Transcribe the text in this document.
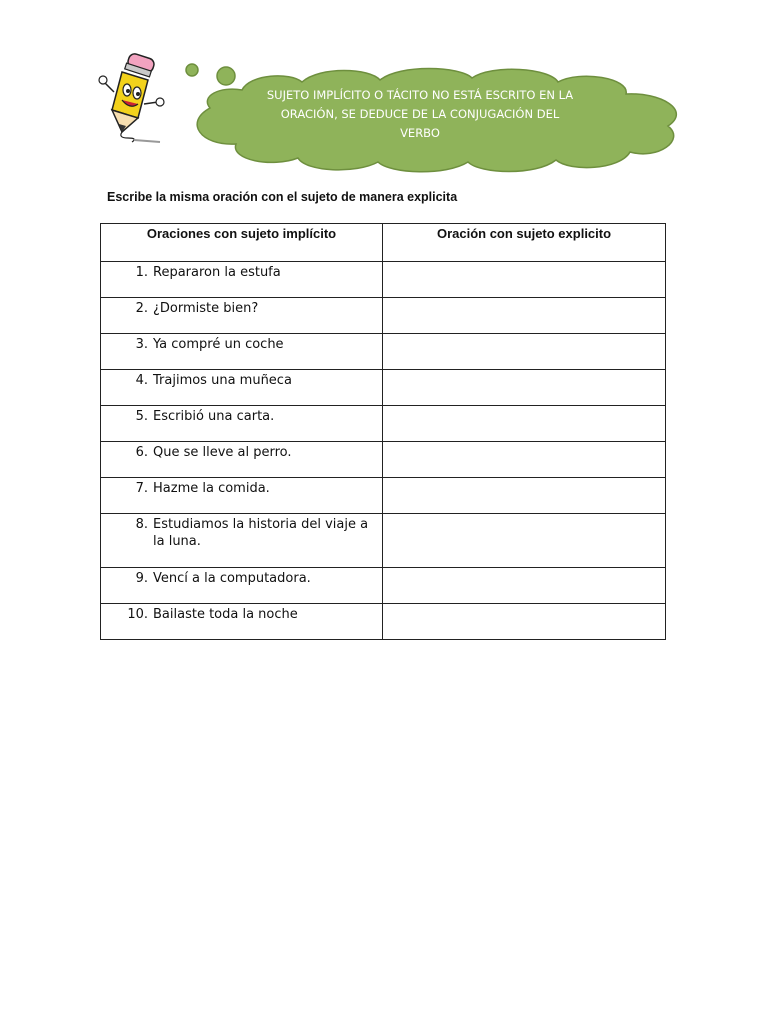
SUJETO IMPLÍCITO O TÁCITO NO ESTÁ ESCRITO EN LA
ORACIÓN, SE DEDUCE DE LA CONJUGACIÓN DEL
VERBO
Escribe la misma oración con el sujeto de manera explicita
Oraciones con sujeto implícito	Oración con sujeto explicito

1. Repararon la estufa	

2. ¿Dormiste bien?	

3. Ya compré un coche	

4. Trajimos una muñeca	

5. Escribió una carta.	

6. Que se lleve al perro.	

7. Hazme la comida.	

8. Estudiamos la historia del viaje a la luna.	

9. Vencí a la computadora.	

10. Bailaste toda la noche	
